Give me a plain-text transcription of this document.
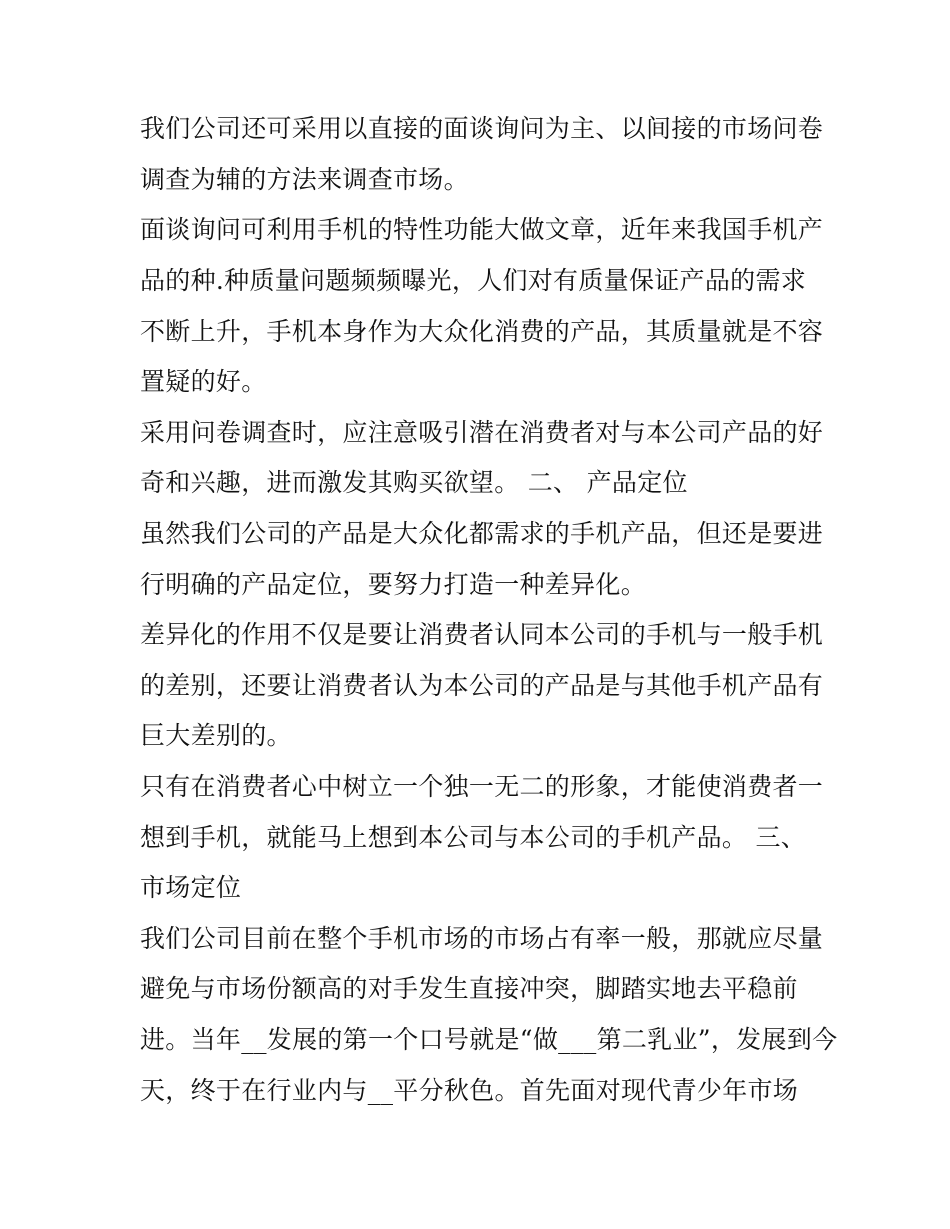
我们公司还可采用以直接的面谈询问为主、以间接的市场问卷
调查为辅的方法来调查市场。
面谈询问可利用手机的特性功能大做文章，近年来我国手机产
品的种.种质量问题频频曝光，人们对有质量保证产品的需求
不断上升，手机本身作为大众化消费的产品，其质量就是不容
置疑的好。
采用问卷调查时，应注意吸引潜在消费者对与本公司产品的好
奇和兴趣，进而激发其购买欲望。 二、 产品定位
虽然我们公司的产品是大众化都需求的手机产品，但还是要进
行明确的产品定位，要努力打造一种差异化。
差异化的作用不仅是要让消费者认同本公司的手机与一般手机
的差别，还要让消费者认为本公司的产品是与其他手机产品有
巨大差别的。
只有在消费者心中树立一个独一无二的形象，才能使消费者一
想到手机，就能马上想到本公司与本公司的手机产品。 三、
市场定位
我们公司目前在整个手机市场的市场占有率一般，那就应尽量
避免与市场份额高的对手发生直接冲突，脚踏实地去平稳前
进。当年__发展的第一个口号就是“做___第二乳业”，发展到今
天，终于在行业内与__平分秋色。首先面对现代青少年市场
